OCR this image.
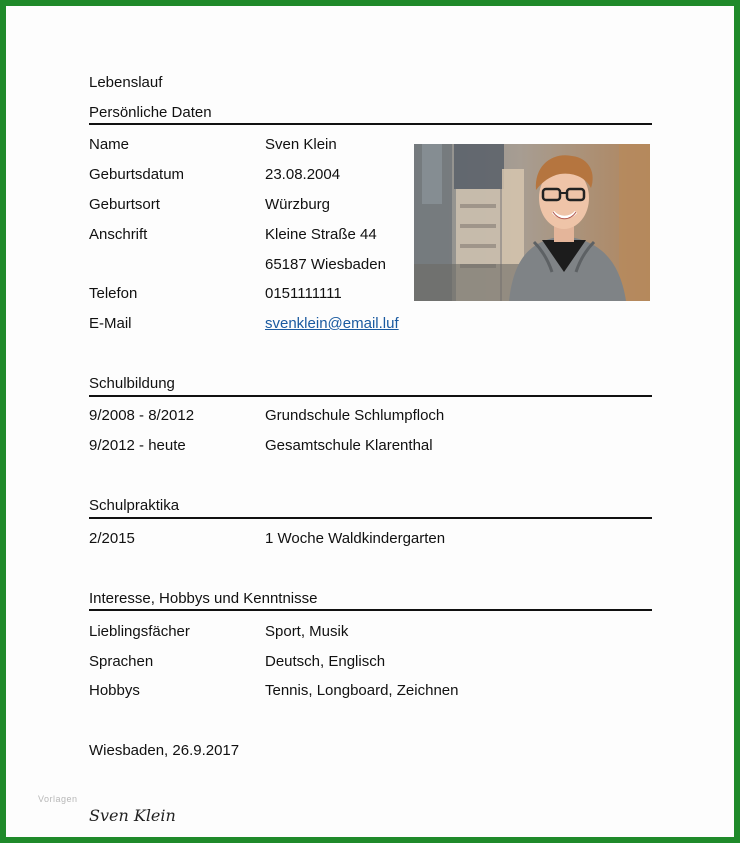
Lebenslauf
Persönliche Daten
Name	Sven Klein
Geburtsdatum	23.08.2004
Geburtsort	Würzburg
Anschrift	Kleine Straße 44
65187 Wiesbaden
Telefon	0151111111
E-Mail	svenklein@email.luf
Schulbildung
9/2008 - 8/2012	Grundschule Schlumpfloch
9/2012 - heute	Gesamtschule Klarenthal
Schulpraktika
2/2015	1 Woche Waldkindergarten
Interesse, Hobbys und Kenntnisse
Lieblingsfächer	Sport, Musik
Sprachen	Deutsch, Englisch
Hobbys	Tennis, Longboard, Zeichnen
Wiesbaden, 26.9.2017
Vorlagen
Sven Klein
